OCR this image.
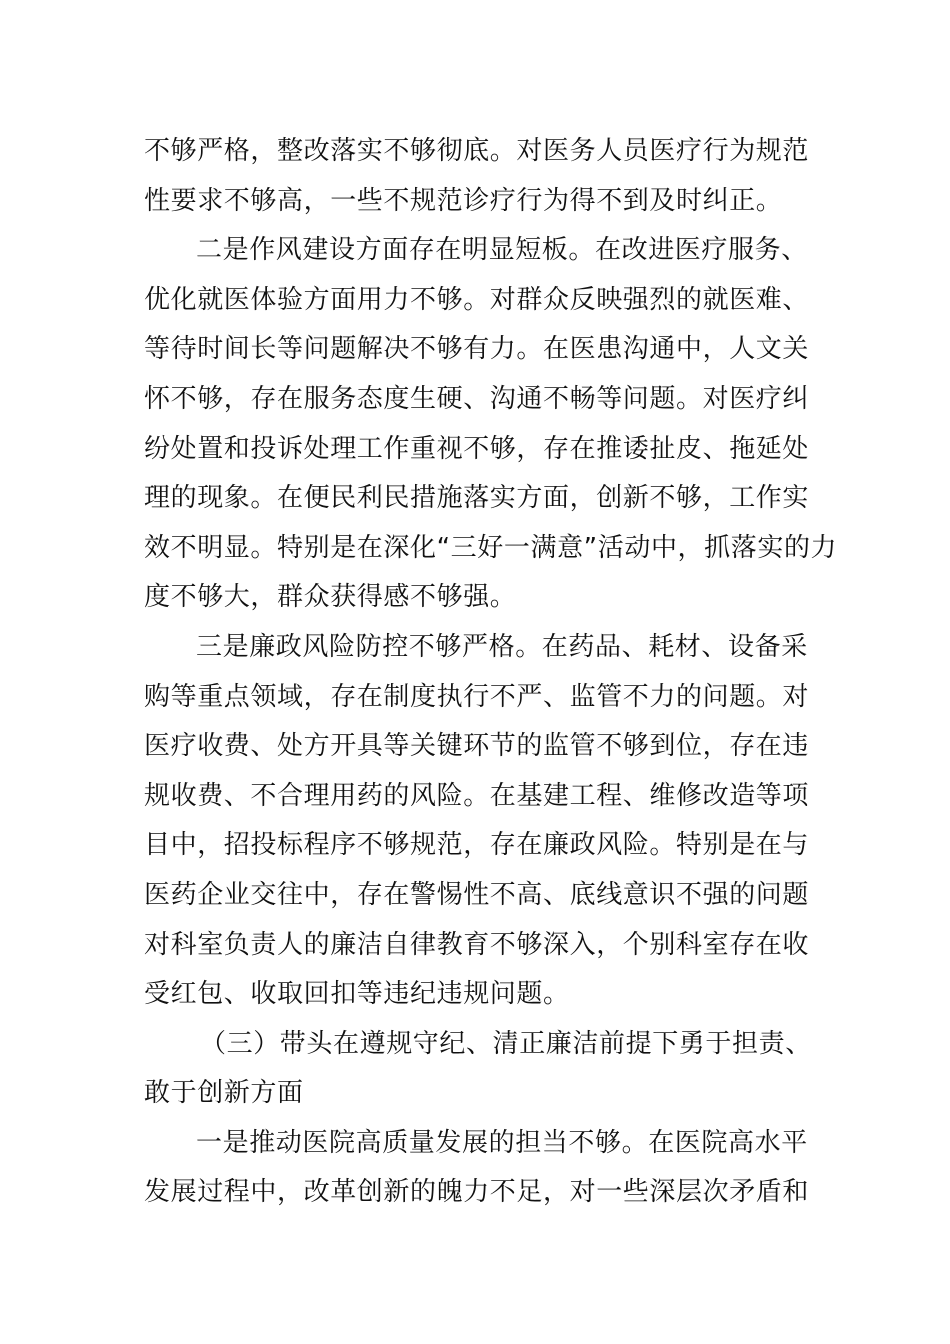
不够严格，整改落实不够彻底。对医务人员医疗行为规范
性要求不够高，一些不规范诊疗行为得不到及时纠正。
二是作风建设方面存在明显短板。在改进医疗服务、
优化就医体验方面用力不够。对群众反映强烈的就医难、
等待时间长等问题解决不够有力。在医患沟通中，人文关
怀不够，存在服务态度生硬、沟通不畅等问题。对医疗纠
纷处置和投诉处理工作重视不够，存在推诿扯皮、拖延处
理的现象。在便民利民措施落实方面，创新不够，工作实
效不明显。特别是在深化“三好一满意”活动中，抓落实的力
度不够大，群众获得感不够强。
三是廉政风险防控不够严格。在药品、耗材、设备采
购等重点领域，存在制度执行不严、监管不力的问题。对
医疗收费、处方开具等关键环节的监管不够到位，存在违
规收费、不合理用药的风险。在基建工程、维修改造等项
目中，招投标程序不够规范，存在廉政风险。特别是在与
医药企业交往中，存在警惕性不高、底线意识不强的问题
对科室负责人的廉洁自律教育不够深入，个别科室存在收
受红包、收取回扣等违纪违规问题。
（三）带头在遵规守纪、清正廉洁前提下勇于担责、
敢于创新方面
一是推动医院高质量发展的担当不够。在医院高水平
发展过程中，改革创新的魄力不足，对一些深层次矛盾和
